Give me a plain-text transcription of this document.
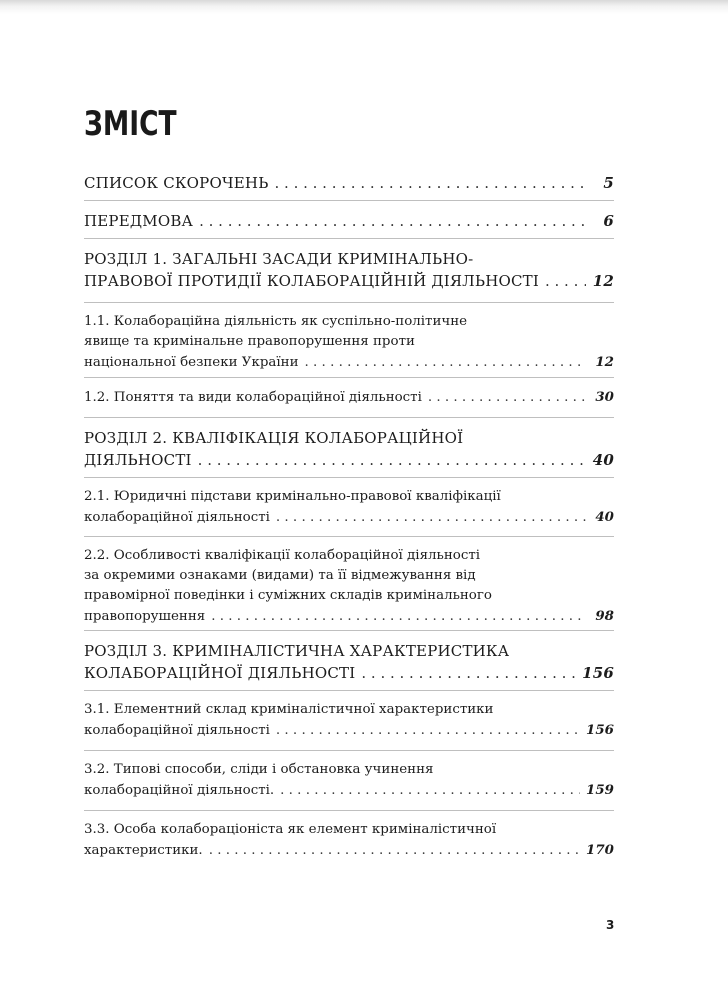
ЗМІСТ
СПИСОК СКОРОЧЕНЬ . . .	5
ПЕРЕДМОВА . . .	6
РОЗДІЛ 1. ЗАГАЛЬНІ ЗАСАДИ КРИМІНАЛЬНО-
ПРАВОВОЇ ПРОТИДІЇ КОЛАБОРАЦІЙНІЙ ДІЯЛЬНОСТІ . . .	12
1.1. Колабораційна діяльність як суспільно-політичне
явище та кримінальне правопорушення проти
національної безпеки України . . .	12
1.2. Поняття та види колабораційної діяльності . . .	30
РОЗДІЛ 2. КВАЛІФІКАЦІЯ КОЛАБОРАЦІЙНОЇ
ДІЯЛЬНОСТІ . . .	40
2.1. Юридичні підстави кримінально-правової кваліфікації
колабораційної діяльності . . .	40
2.2. Особливості кваліфікації колабораційної діяльності
за окремими ознаками (видами) та її відмежування від
правомірної поведінки і суміжних складів кримінального
правопорушення . . .	98
РОЗДІЛ 3. КРИМІНАЛІСТИЧНА ХАРАКТЕРИСТИКА
КОЛАБОРАЦІЙНОЇ ДІЯЛЬНОСТІ . . .	156
3.1. Елементний склад криміналістичної характеристики
колабораційної діяльності . . .	156
3.2. Типові способи, сліди і обстановка учинення
колабораційної діяльності. . . .	159
3.3. Особа колабораціоніста як елемент криміналістичної
характеристики. . . .	170
3
